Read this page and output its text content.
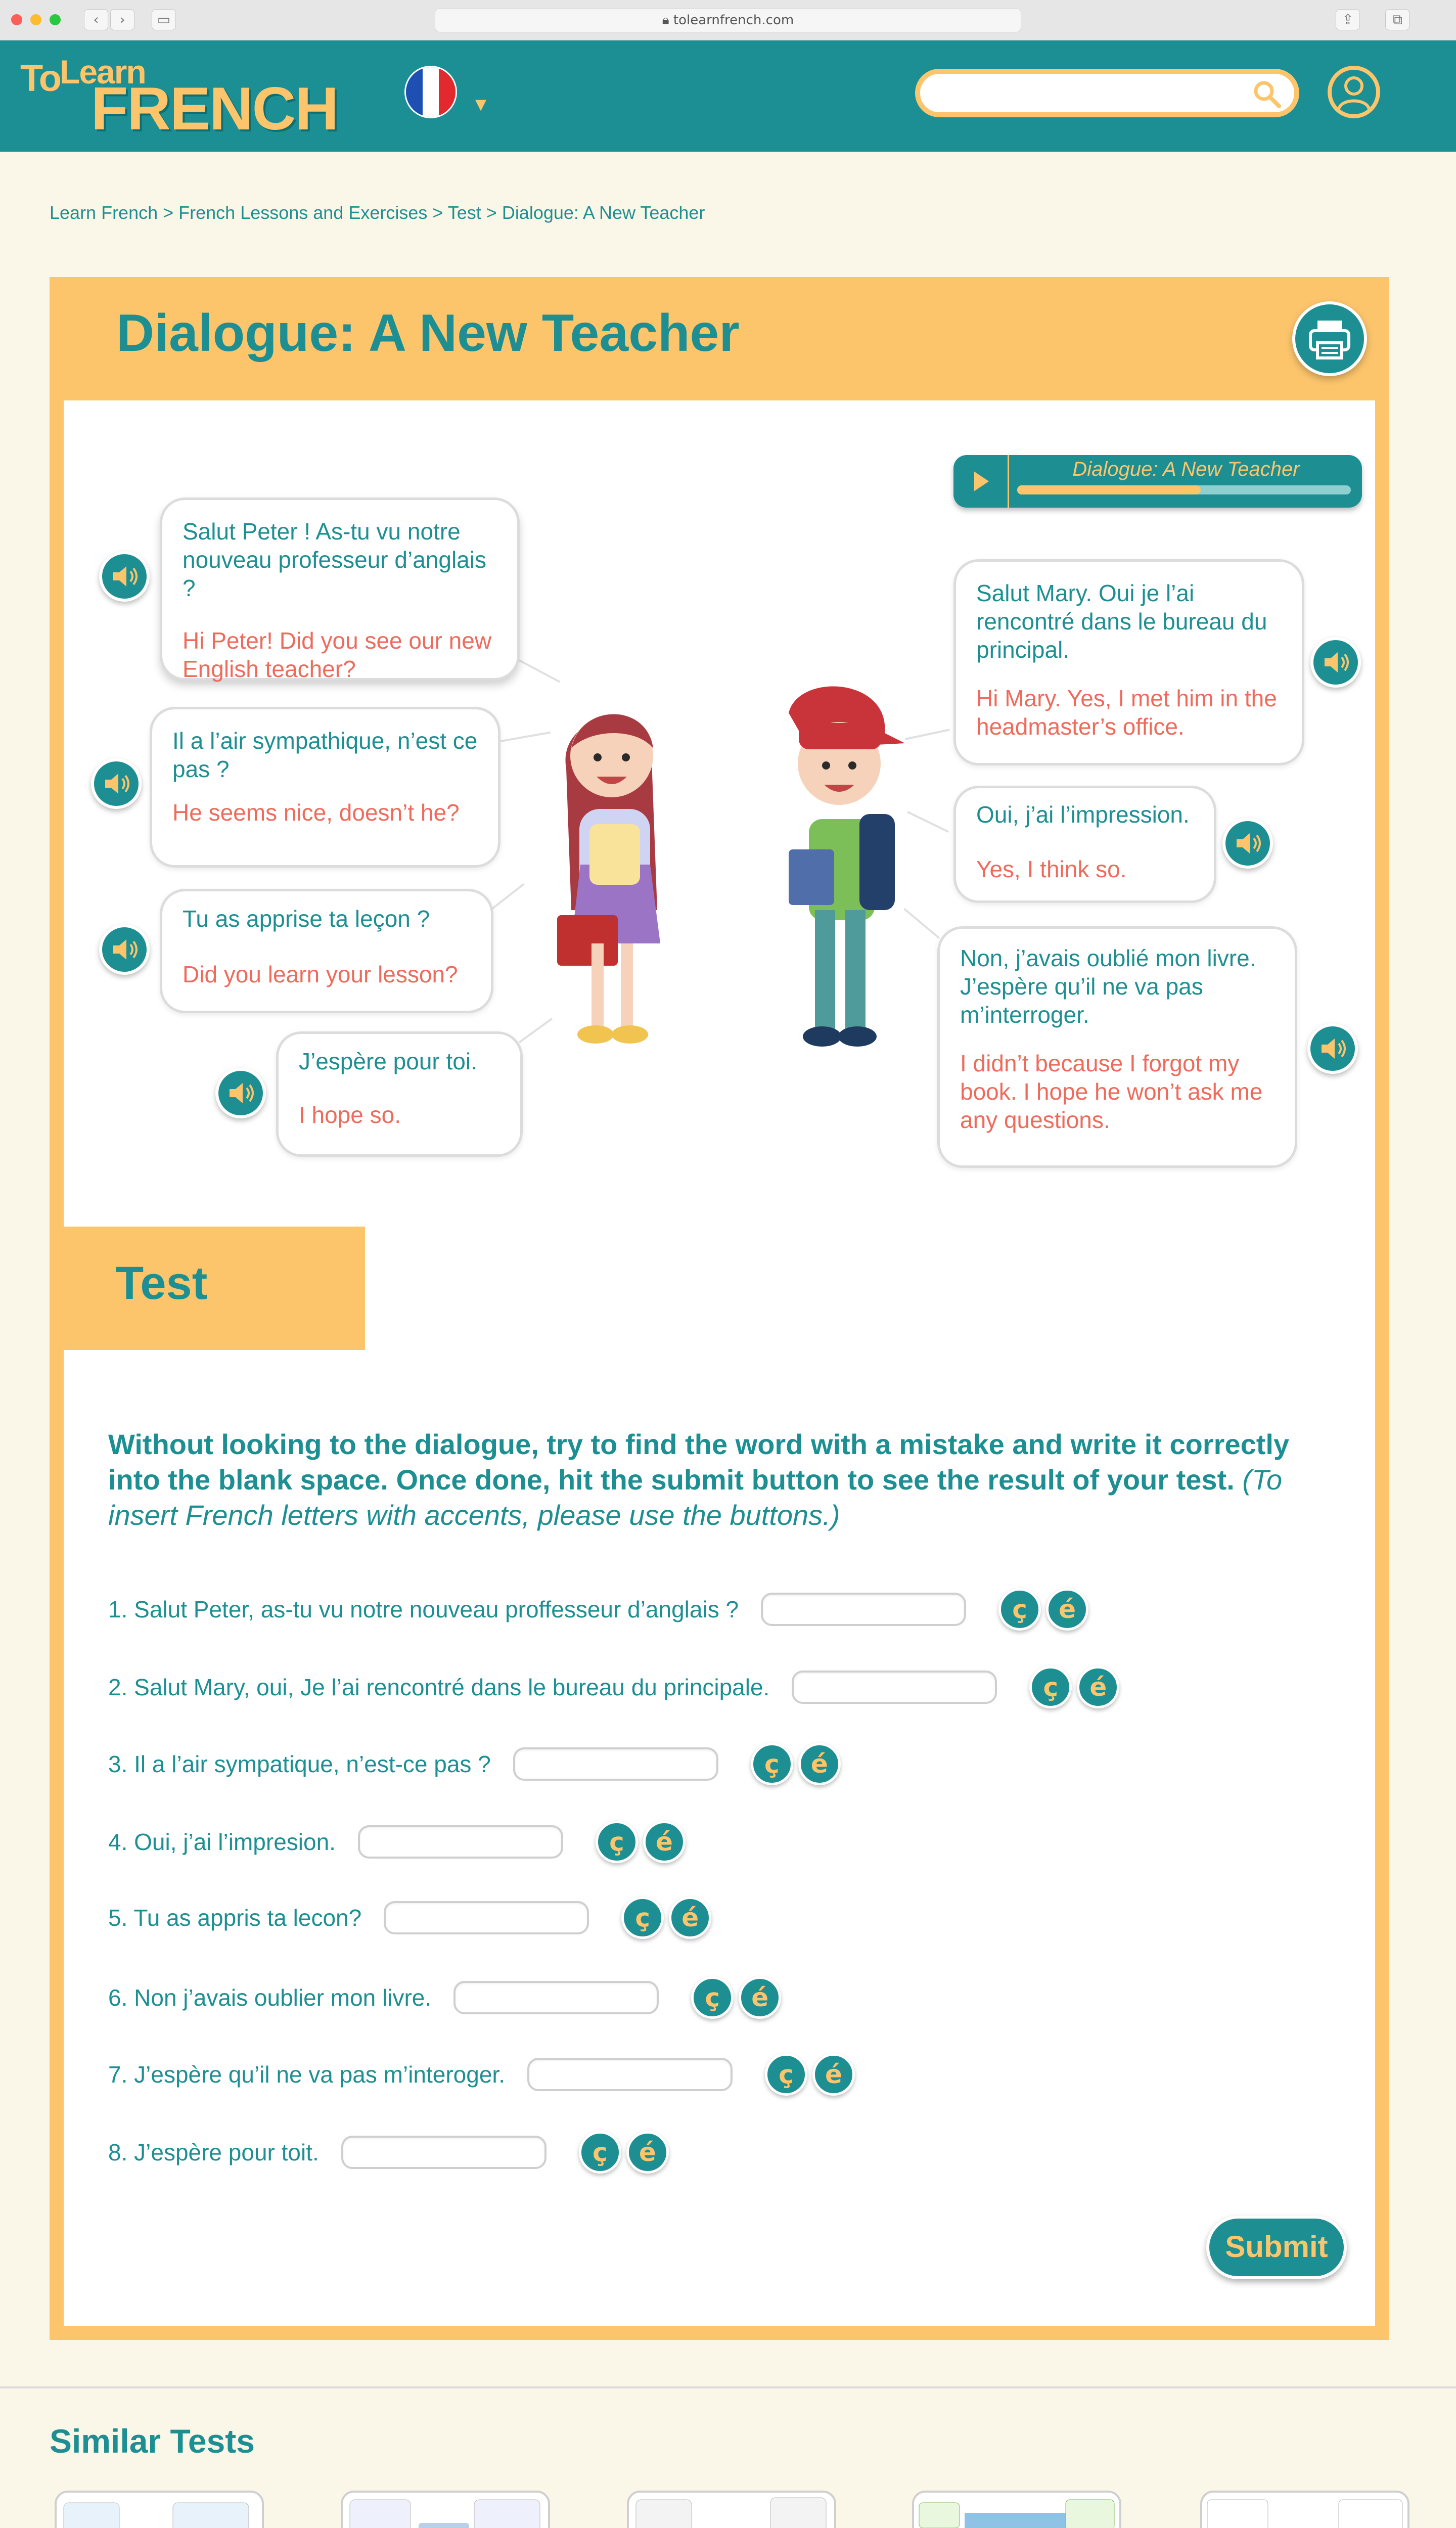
‹	›	▭	🔒︎ tolearnfrench.com	⇪	⧉
To Learn
FRENCH	▾
Learn French > French Lessons and Exercises > Test > Dialogue: A New Teacher
Dialogue: A New Teacher
Dialogue: A New Teacher
Salut Peter ! As-tu vu notre nouveau professeur d’anglais ?
Hi Peter! Did you see our new English teacher?
Salut Mary. Oui je l’ai rencontré dans le bureau du principal.
Hi Mary. Yes, I met him in the headmaster’s office.
Il a l’air sympathique, n’est ce pas ?
He seems nice, doesn’t he?	Oui, j’ai l’impression.
Yes, I think so.
Tu as apprise ta leçon ?
Did you learn your lesson?
Non, j’avais oublié mon livre. J’espère qu’il ne va pas m’interroger.
I didn’t because I forgot my book. I hope he won’t ask me any questions.
J’espère pour toi.
I hope so.
Test

Without looking to the dialogue, try to find the word with a mistake and write it correctly into the blank space. Once done, hit the submit button to see the result of your test. (To insert French letters with accents, please use the buttons.)

1. Salut Peter, as-tu vu notre nouveau proffesseur d’anglais ?	ç	é
2. Salut Mary, oui, Je l’ai rencontré dans le bureau du principale.	ç	é
3. Il a l’air sympatique, n’est-ce pas ?	ç	é
4. Oui, j’ai l’impresion.	ç	é
5. Tu as appris ta lecon?	ç	é
6. Non j’avais oublier mon livre.	ç	é
7. J’espère qu’il ne va pas m’interoger.	ç	é
8. J’espère pour toit.	ç	é
Submit
Similar Tests
